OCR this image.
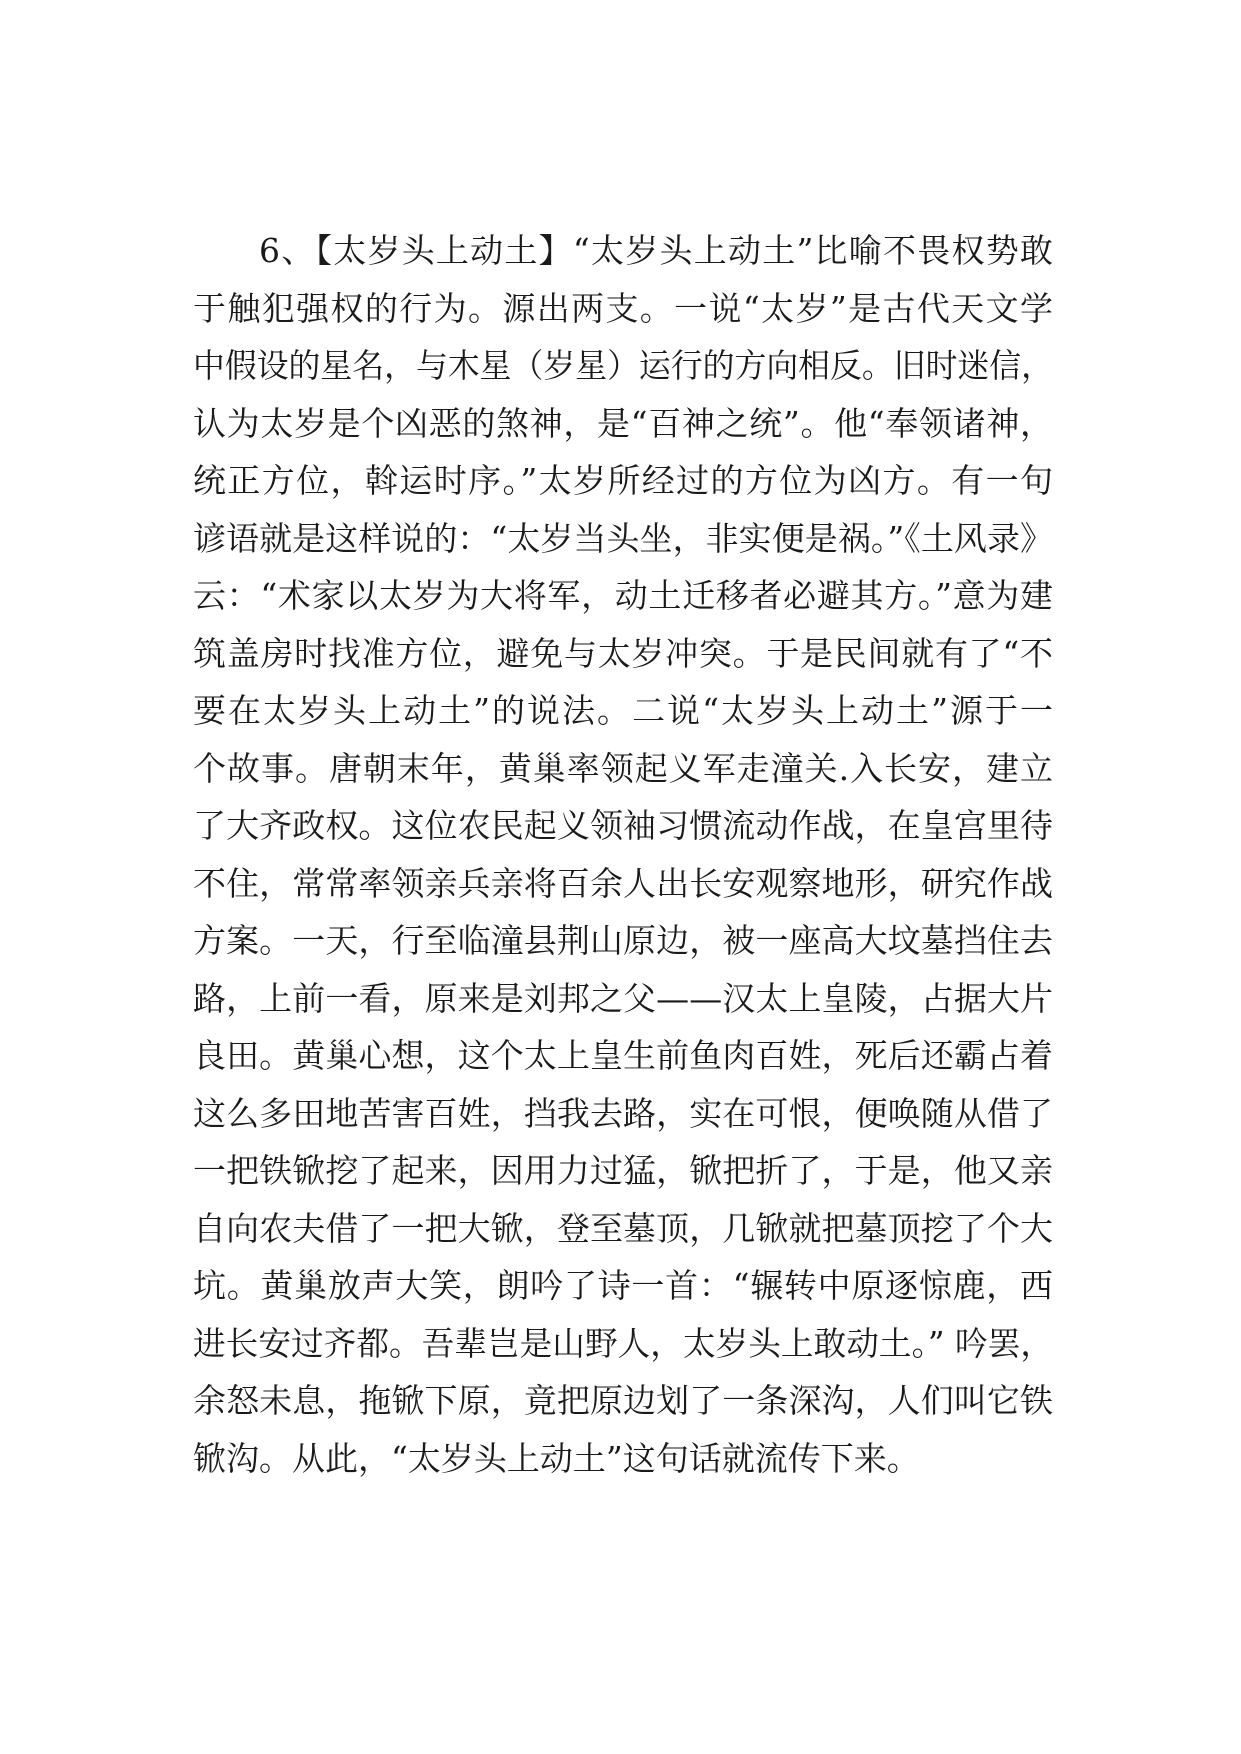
6、【太岁头上动土】“太岁头上动土”比喻不畏权势敢
于触犯强权的行为。源出两支。一说“太岁”是古代天文学
中假设的星名，与木星（岁星）运行的方向相反。旧时迷信，
认为太岁是个凶恶的煞神，是“百神之统”。他“奉领诸神，
统正方位，斡运时序。”太岁所经过的方位为凶方。有一句
谚语就是这样说的：“太岁当头坐，非实便是祸。”《土风录》
云：“术家以太岁为大将军，动土迁移者必避其方。”意为建
筑盖房时找准方位，避免与太岁冲突。于是民间就有了“不
要在太岁头上动土”的说法。二说“太岁头上动土”源于一
个故事。唐朝末年，黄巢率领起义军走潼关.入长安，建立
了大齐政权。这位农民起义领袖习惯流动作战，在皇宫里待
不住，常常率领亲兵亲将百余人出长安观察地形，研究作战
方案。一天，行至临潼县荆山原边，被一座高大坟墓挡住去
路，上前一看，原来是刘邦之父——汉太上皇陵，占据大片
良田。黄巢心想，这个太上皇生前鱼肉百姓，死后还霸占着
这么多田地苦害百姓，挡我去路，实在可恨，便唤随从借了
一把铁锨挖了起来，因用力过猛，锨把折了，于是，他又亲
自向农夫借了一把大锨，登至墓顶，几锨就把墓顶挖了个大
坑。黄巢放声大笑，朗吟了诗一首：“辗转中原逐惊鹿，西
进长安过齐都。吾辈岂是山野人，太岁头上敢动土。” 吟罢，
余怒未息，拖锨下原，竟把原边划了一条深沟，人们叫它铁
锨沟。从此，“太岁头上动土”这句话就流传下来。
